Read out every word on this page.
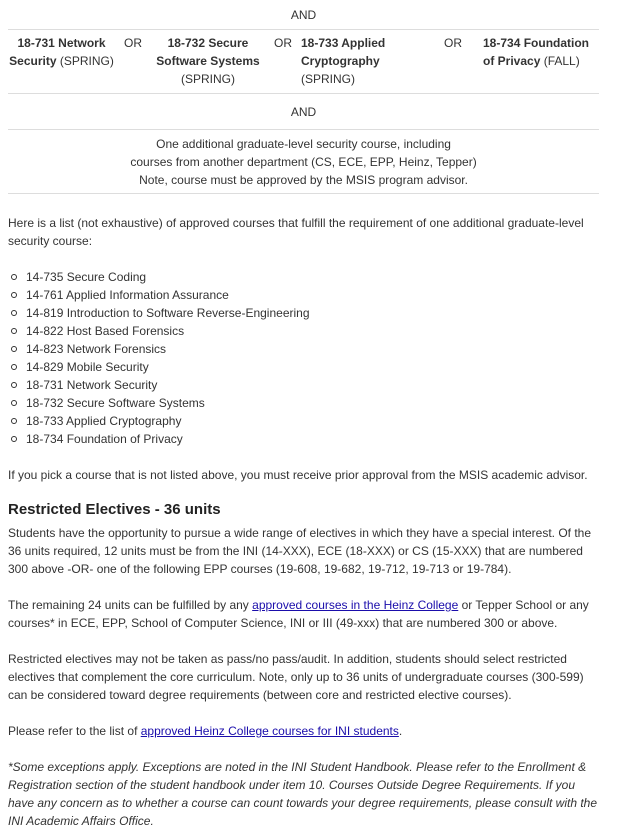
AND
18-731 Network Security (SPRING)	OR	18-732 Secure Software Systems (SPRING)	OR	18-733 Applied Cryptography (SPRING)	OR	18-734 Foundation of Privacy (FALL)
AND

One additional graduate-level security course, including
courses from another department (CS, ECE, EPP, Heinz, Tepper)
Note, course must be approved by the MSIS program advisor.

Here is a list (not exhaustive) of approved courses that fulfill the requirement of one additional graduate-level security course:

14-735 Secure Coding
14-761 Applied Information Assurance
14-819 Introduction to Software Reverse-Engineering
14-822 Host Based Forensics
14-823 Network Forensics
14-829 Mobile Security
18-731 Network Security
18-732 Secure Software Systems
18-733 Applied Cryptography
18-734 Foundation of Privacy

If you pick a course that is not listed above, you must receive prior approval from the MSIS academic advisor.

Restricted Electives - 36 units

Students have the opportunity to pursue a wide range of electives in which they have a special interest. Of the 36 units required, 12 units must be from the INI (14-XXX), ECE (18-XXX) or CS (15-XXX) that are numbered 300 above -OR- one of the following EPP courses (19-608, 19-682, 19-712, 19-713 or 19-784).

The remaining 24 units can be fulfilled by any approved courses in the Heinz College or Tepper School or any courses* in ECE, EPP, School of Computer Science, INI or III (49-xxx) that are numbered 300 or above.

Restricted electives may not be taken as pass/no pass/audit. In addition, students should select restricted electives that complement the core curriculum. Note, only up to 36 units of undergraduate courses (300-599) can be considered toward degree requirements (between core and restricted elective courses).

Please refer to the list of approved Heinz College courses for INI students.

*Some exceptions apply. Exceptions are noted in the INI Student Handbook. Please refer to the Enrollment & Registration section of the student handbook under item 10. Courses Outside Degree Requirements. If you have any concern as to whether a course can count towards your degree requirements, please consult with the INI Academic Affairs Office.
